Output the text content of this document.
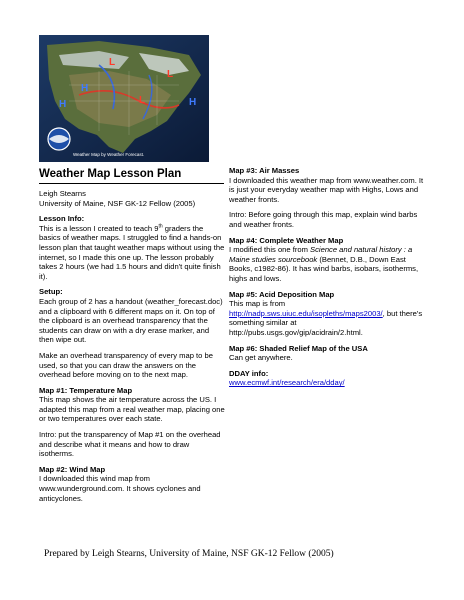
H
L
L
L
H
H
Weather Map by Weather Forecast.
Weather Map Lesson Plan
Leigh Stearns
University of Maine, NSF GK-12 Fellow (2005)
Lesson Info:
This is a lesson I created to teach 9th graders the basics of weather maps. I struggled to find a hands-on lesson plan that taught weather maps without using the internet, so I made this one up. The lesson probably takes 2 hours (we had 1.5 hours and didn't quite finish it).
Setup:
Each group of 2 has a handout (weather_forecast.doc) and a clipboard with 6 different maps on it. On top of the clipboard is an overhead transparency that the students can draw on with a dry erase marker, and then wipe out.
Make an overhead transparency of every map to be used, so that you can draw the answers on the overhead before moving on to the next map.
Map #1: Temperature Map
This map shows the air temperature across the US. I adapted this map from a real weather map, placing one or two temperatures over each state.
Intro: put the transparency of Map #1 on the overhead and describe what it means and how to draw isotherms.
Map #2: Wind Map
I downloaded this wind map from www.wunderground.com. It shows cyclones and anticyclones.
Map #3: Air Masses
I downloaded this weather map from www.weather.com. It is just your everyday weather map with Highs, Lows and weather fronts.
Intro: Before going through this map, explain wind barbs and weather fronts.
Map #4: Complete Weather Map
I modified this one from Science and natural history : a Maine studies sourcebook (Bennet, D.B., Down East Books, c1982-86). It has wind barbs, isobars, isotherms, highs and lows.
Map #5: Acid Deposition Map
This map is from
http://nadp.sws.uiuc.edu/isopleths/maps2003/, but there's something similar at http://pubs.usgs.gov/gip/acidrain/2.html.
Map #6: Shaded Relief Map of the USA
Can get anywhere.
DDAY info:
www.ecmwf.int/research/era/dday/
Prepared by Leigh Stearns, University of Maine, NSF GK-12 Fellow (2005)
